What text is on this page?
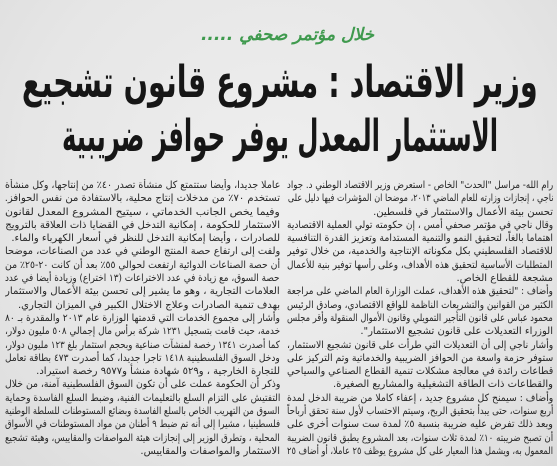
خلال مؤتمر صحفي .....
وزير الاقتصاد : مشروع قانون تشجيع
الاستثمار المعدل يوفر حوافز ضريبية
رام الله- مراسل "الحدث" الخاص - استعرض وزير الاقتصاد الوطني د. جواد
ناجي ، إنجازات وزارته للعام الماضي ٢٠١٣، موضحا ان المؤشرات فيها دليل على
تحسن بيئة الأعمال والاستثمار في فلسطين.
وقال ناجي في مؤتمر صحفي أمس ، إن حكومته تولي العملية الاقتصادية
اهتماما بالغاً، لتحقيق النمو والتنمية المستدامة وتعزيز القدرة التنافسية
للاقتصاد الفلسطيني بكل مكوناته الإنتاجية والخدمية، من خلال توفير
المتطلبات الأساسية لتحقيق هذه الأهداف، وعلى رأسها توفير بنية للأعمال
مشجعة للقطاع الخاص.
وأضاف : "لتحقيق هذه الأهداف، عملت الوزارة العام الماضي على مراجعة
الكثير من القوانين والتشريعات الناظمة للواقع الاقتصادي، وصادق الرئيس
محمود عباس على قانون التأجير التمويلي وقانون الأموال المنقولة وأقر مجلس
الوزراء التعديلات على قانون تشجيع الاستثمار".
وأشار ناجي إلى أن التعديلات التي طرأت على قانون تشجيع الاستثمار،
ستوفر حزمة واسعة من الحوافز الضريبية والخدماتية وتم التركيز على
قطاعات رائدة في معالجة مشكلات تنمية القطاع الصناعي والسياحي
والقطاعات ذات الطاقة التشغيلية والمشاريع الصغيرة.
وأضاف : سيمنح كل مشروع جديد ، إعفاء كاملا من ضريبة الدخل لمدة
أربع سنوات، حتى يبدأ بتحقيق الربح، وسيتم الاحتساب لأول سنة تحقق أرباحاً
وبعد ذلك تفرض عليه ضريبة بنسبة ٥٪ لمدة ست سنوات أخرى على
أن تصبح ضريبته ١٠٪ لمدة ثلاث سنوات، بعد المشروع يطبق قانون الضريبة
المعمول به، ويشمل هذا المعيار على كل مشروع يوظف ٢٥ عاملا، أو أضاف ٢٥
عاملا جديدا، وأيضا ستتمتع كل منشأة تصدر ٤٠٪ من إنتاجها، وكل منشأة
تستخدم ٧٠٪ من مدخلات إنتاج محلية، بالاستفادة من نفس الحوافز.
وفيما يخص الجانب الخدماتي ، سيتيح المشروع المعدل لقانون
الاستثمار للحكومة ، إمكانية التدخل في القضايا ذات العلاقة بالترويج
للصادرات ، وأيضا إمكانية التدخل للنظر في أسعار الكهرباء والماء.
ولفت إلى ارتفاع حصة المنتج الوطني في عدد من الصناعات، موضحا
أن حصة الصناعات الدوائية ارتفعت لحوالي ٥٥٪ بعد أن كانت ٢٠-٢٥٪ من
حصة السوق، مع زيادة في عدد الاختراعات (١٣ اختراع) وزيادة أيضا في عدد
العلامات التجارية ، وهو ما يشير إلى تحسن بيئة الأعمال والاستثمار
بهدف تنمية الصادرات وعلاج الاختلال الكبير في الميزان التجاري.
وأشار إلى مجموع الخدمات التي قدمتها الوزارة عام ٢٠١٣ والمقدرة بـ ٨٠
خدمة، حيث قامت بتسجيل ١٢٣١ شركة برأس مال إجمالي ٥٠٨ مليون دولار،
كما أصدرت ١٣٤١ رخصة لمنشآت صناعية وبحجم استثمار بلغ ١٢٣ مليون دولار،
ودخل السوق الفلسطينية ١٤١٨ تاجرا جديدا، كما أصدرت ٤٧٣ بطاقة تعامل
للتجارة الخارجية ، و٥٢٩ شهادة منشأ و٩٥٧٧ رخصة استيراد.
وذكر أن الحكومة عملت على أن تكون السوق الفلسطينية آمنة، من خلال
التفتيش على التزام السلع بالتعليمات الفنية، وضبط السلع الفاسدة وحماية
السوق من التهريب الخاص بالسلع الفاسدة وبضائع المستوطنات للسلطة الوطنية
فلسطينيا ، مشيرا إلى أنه تم ضبط ٩ أطنان من مواد المستوطنات في الأسواق
المحلية ، وتطرق الوزير إلى إنجازات هيئة المواصفات والمقاييس، وهيئة تشجيع
الاستثمار والمواصفات والمقاييس.
